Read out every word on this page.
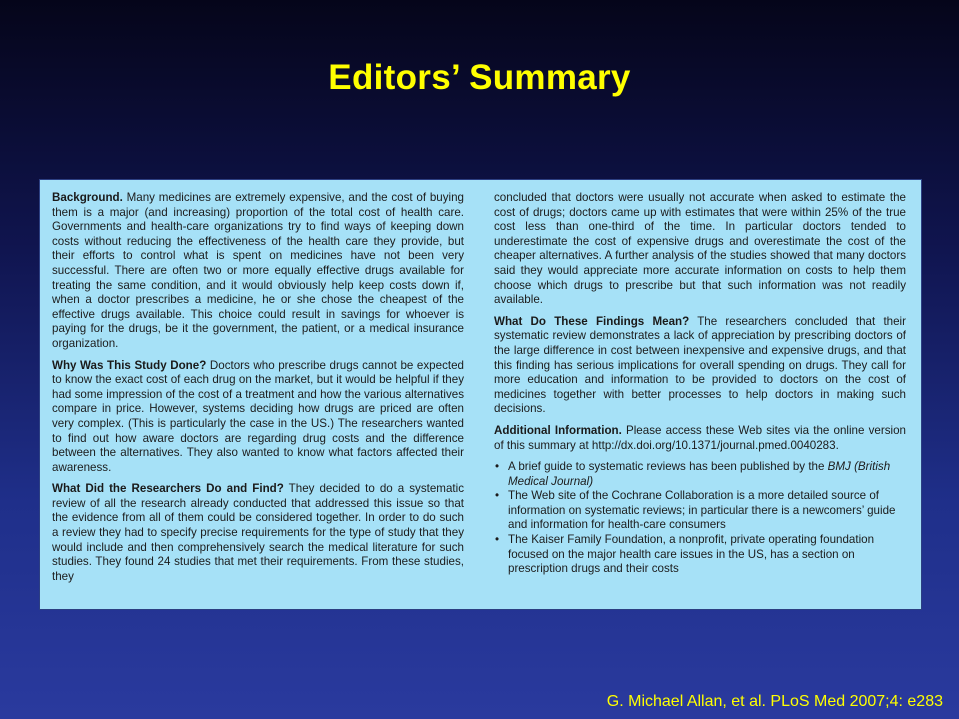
Editors’ Summary

Background. Many medicines are extremely expensive, and the cost of buying them is a major (and increasing) proportion of the total cost of health care. Governments and health-care organizations try to find ways of keeping down costs without reducing the effectiveness of the health care they provide, but their efforts to control what is spent on medicines have not been very successful. There are often two or more equally effective drugs available for treating the same condition, and it would obviously help keep costs down if, when a doctor prescribes a medicine, he or she chose the cheapest of the effective drugs available. This choice could result in savings for whoever is paying for the drugs, be it the government, the patient, or a medical insurance organization.

Why Was This Study Done? Doctors who prescribe drugs cannot be expected to know the exact cost of each drug on the market, but it would be helpful if they had some impression of the cost of a treatment and how the various alternatives compare in price. However, systems deciding how drugs are priced are often very complex. (This is particularly the case in the US.) The researchers wanted to find out how aware doctors are regarding drug costs and the difference between the alternatives. They also wanted to know what factors affected their awareness.

What Did the Researchers Do and Find? They decided to do a systematic review of all the research already conducted that addressed this issue so that the evidence from all of them could be considered together. In order to do such a review they had to specify precise requirements for the type of study that they would include and then comprehensively search the medical literature for such studies. They found 24 studies that met their requirements. From these studies, they

concluded that doctors were usually not accurate when asked to estimate the cost of drugs; doctors came up with estimates that were within 25% of the true cost less than one-third of the time. In particular doctors tended to underestimate the cost of expensive drugs and overestimate the cost of the cheaper alternatives. A further analysis of the studies showed that many doctors said they would appreciate more accurate information on costs to help them choose which drugs to prescribe but that such information was not readily available.

What Do These Findings Mean? The researchers concluded that their systematic review demonstrates a lack of appreciation by prescribing doctors of the large difference in cost between inexpensive and expensive drugs, and that this finding has serious implications for overall spending on drugs. They call for more education and information to be provided to doctors on the cost of medicines together with better processes to help doctors in making such decisions.

Additional Information. Please access these Web sites via the online version of this summary at http://dx.doi.org/10.1371/journal.pmed.0040283.

• A brief guide to systematic reviews has been published by the BMJ (British Medical Journal)
• The Web site of the Cochrane Collaboration is a more detailed source of information on systematic reviews; in particular there is a newcomers’ guide and information for health-care consumers
• The Kaiser Family Foundation, a nonprofit, private operating foundation focused on the major health care issues in the US, has a section on prescription drugs and their costs
G. Michael Allan, et al. PLoS Med 2007;4: e283
